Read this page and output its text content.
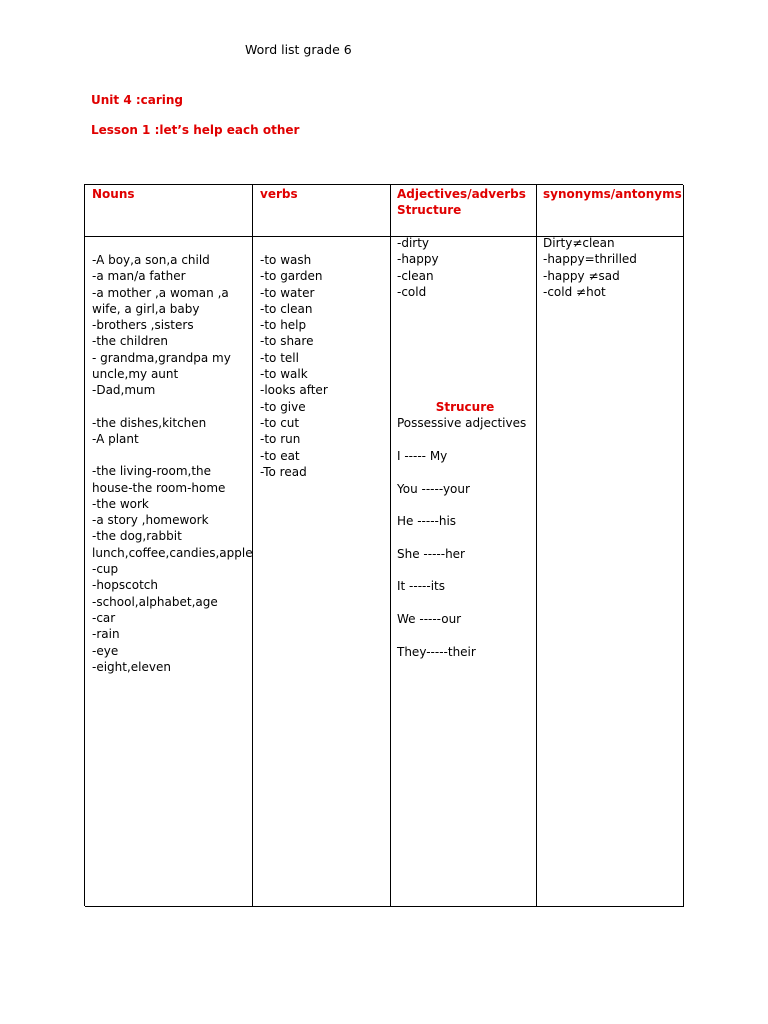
Word list grade 6
Unit 4 :caring
Lesson 1 :let’s help each other
Nouns	verbs	Adjectives/adverbs
Structure
synonyms/antonyms
-A boy,a son,a child
-a man/a father
-a mother ,a woman ,a
wife, a girl,a baby
-brothers ,sisters
-the children
- grandma,grandpa my
uncle,my aunt
-Dad,mum
-the dishes,kitchen
-A plant
-the living-room,the
house-the room-home
-the work
-a story ,homework
-the dog,rabbit
lunch,coffee,candies,apple
-cup
-hopscotch
-school,alphabet,age
-car
-rain
-eye
-eight,eleven
-to wash
-to garden
-to water
-to clean
-to help
-to share
-to tell
-to walk
-looks after
-to give
-to cut
-to run
-to eat
-To read
-dirty
-happy
-clean
-cold
Strucure
Possessive adjectives
I ----- My
You -----your
He -----his
She -----her
It -----its
We -----our
They-----their
Dirty≠clean
-happy=thrilled
-happy ≠sad
-cold ≠hot
